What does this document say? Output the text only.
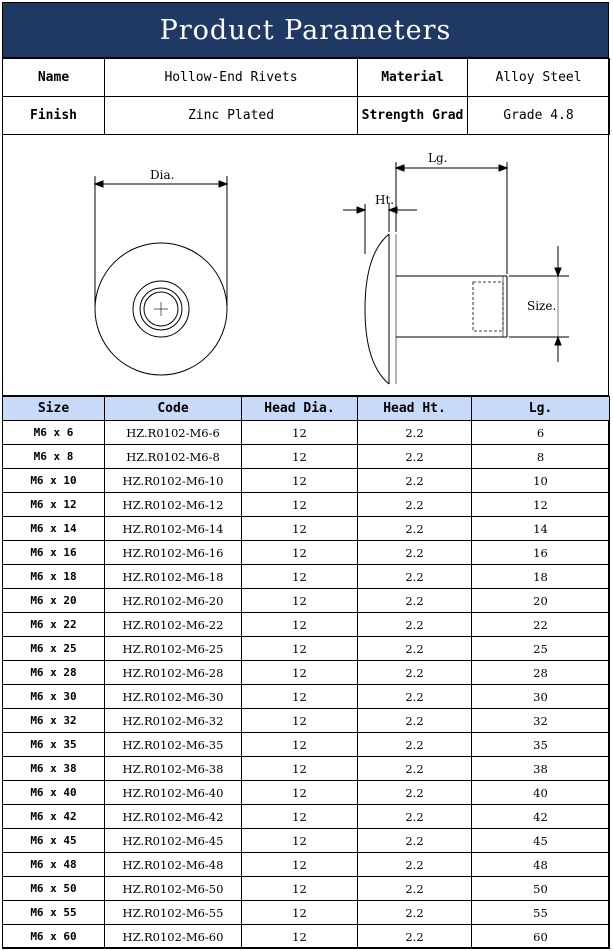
Product Parameters
Name	Hollow-End Rivets	Material	Alloy Steel
Finish	Zinc Plated	Strength Grad	Grade 4.8
Dia.
Lg.
Ht.
Size.
Size	Code	Head Dia.	Head Ht.	Lg.
M6 x 6	HZ.R0102-M6-6	12	2.2	6
M6 x 8	HZ.R0102-M6-8	12	2.2	8
M6 x 10	HZ.R0102-M6-10	12	2.2	10
M6 x 12	HZ.R0102-M6-12	12	2.2	12
M6 x 14	HZ.R0102-M6-14	12	2.2	14
M6 x 16	HZ.R0102-M6-16	12	2.2	16
M6 x 18	HZ.R0102-M6-18	12	2.2	18
M6 x 20	HZ.R0102-M6-20	12	2.2	20
M6 x 22	HZ.R0102-M6-22	12	2.2	22
M6 x 25	HZ.R0102-M6-25	12	2.2	25
M6 x 28	HZ.R0102-M6-28	12	2.2	28
M6 x 30	HZ.R0102-M6-30	12	2.2	30
M6 x 32	HZ.R0102-M6-32	12	2.2	32
M6 x 35	HZ.R0102-M6-35	12	2.2	35
M6 x 38	HZ.R0102-M6-38	12	2.2	38
M6 x 40	HZ.R0102-M6-40	12	2.2	40
M6 x 42	HZ.R0102-M6-42	12	2.2	42
M6 x 45	HZ.R0102-M6-45	12	2.2	45
M6 x 48	HZ.R0102-M6-48	12	2.2	48
M6 x 50	HZ.R0102-M6-50	12	2.2	50
M6 x 55	HZ.R0102-M6-55	12	2.2	55
M6 x 60	HZ.R0102-M6-60	12	2.2	60
